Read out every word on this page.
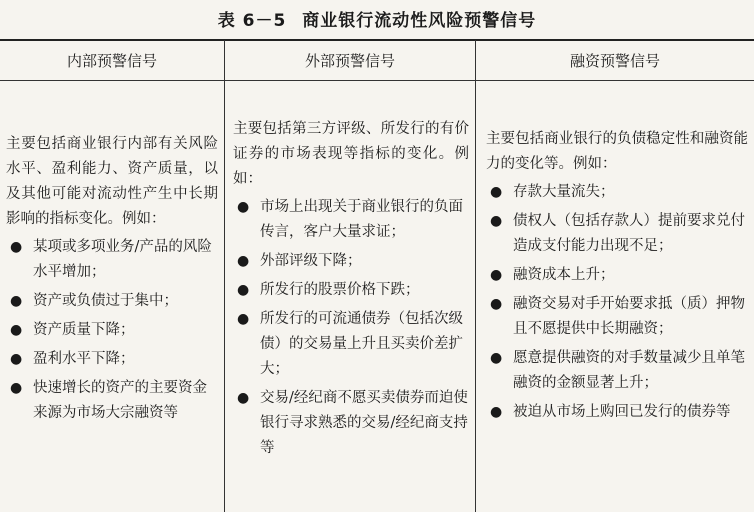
表 6－5 商业银行流动性风险预警信号
内部预警信号	外部预警信号	融资预警信号

主要包括商业银行内部有关风险水平、盈利能力、资产质量，以及其他可能对流动性产生中长期影响的指标变化。例如：

● 某项或多项业务/产品的风险水平增加；
● 资产或负债过于集中；
● 资产质量下降；
● 盈利水平下降；
● 快速增长的资产的主要资金来源为市场大宗融资等

主要包括第三方评级、所发行的有价证券的市场表现等指标的变化。例如：

● 市场上出现关于商业银行的负面传言，客户大量求证；
● 外部评级下降；
● 所发行的股票价格下跌；
● 所发行的可流通债券（包括次级债）的交易量上升且买卖价差扩大；
● 交易/经纪商不愿买卖债券而迫使银行寻求熟悉的交易/经纪商支持等

主要包括商业银行的负债稳定性和融资能力的变化等。例如：

● 存款大量流失；
● 债权人（包括存款人）提前要求兑付造成支付能力出现不足；
● 融资成本上升；
● 融资交易对手开始要求抵（质）押物且不愿提供中长期融资；
● 愿意提供融资的对手数量减少且单笔融资的金额显著上升；
● 被迫从市场上购回已发行的债券等
